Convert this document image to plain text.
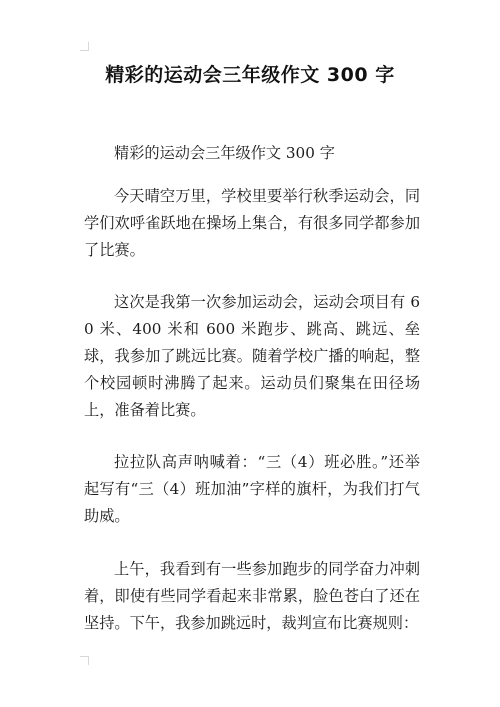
精彩的运动会三年级作文 300 字

精彩的运动会三年级作文 300 字

今天晴空万里，学校里要举行秋季运动会，同学们欢呼雀跃地在操场上集合，有很多同学都参加了比赛。

这次是我第一次参加运动会，运动会项目有 60 米、400 米和 600 米跑步、跳高、跳远、垒球，我参加了跳远比赛。随着学校广播的响起，整个校园顿时沸腾了起来。运动员们聚集在田径场上，准备着比赛。

拉拉队高声呐喊着：“三（4）班必胜。”还举起写有“三（4）班加油”字样的旗杆，为我们打气助威。

上午，我看到有一些参加跑步的同学奋力冲刺着，即使有些同学看起来非常累，脸色苍白了还在坚持。下午，我参加跳远时，裁判宣布比赛规则：
